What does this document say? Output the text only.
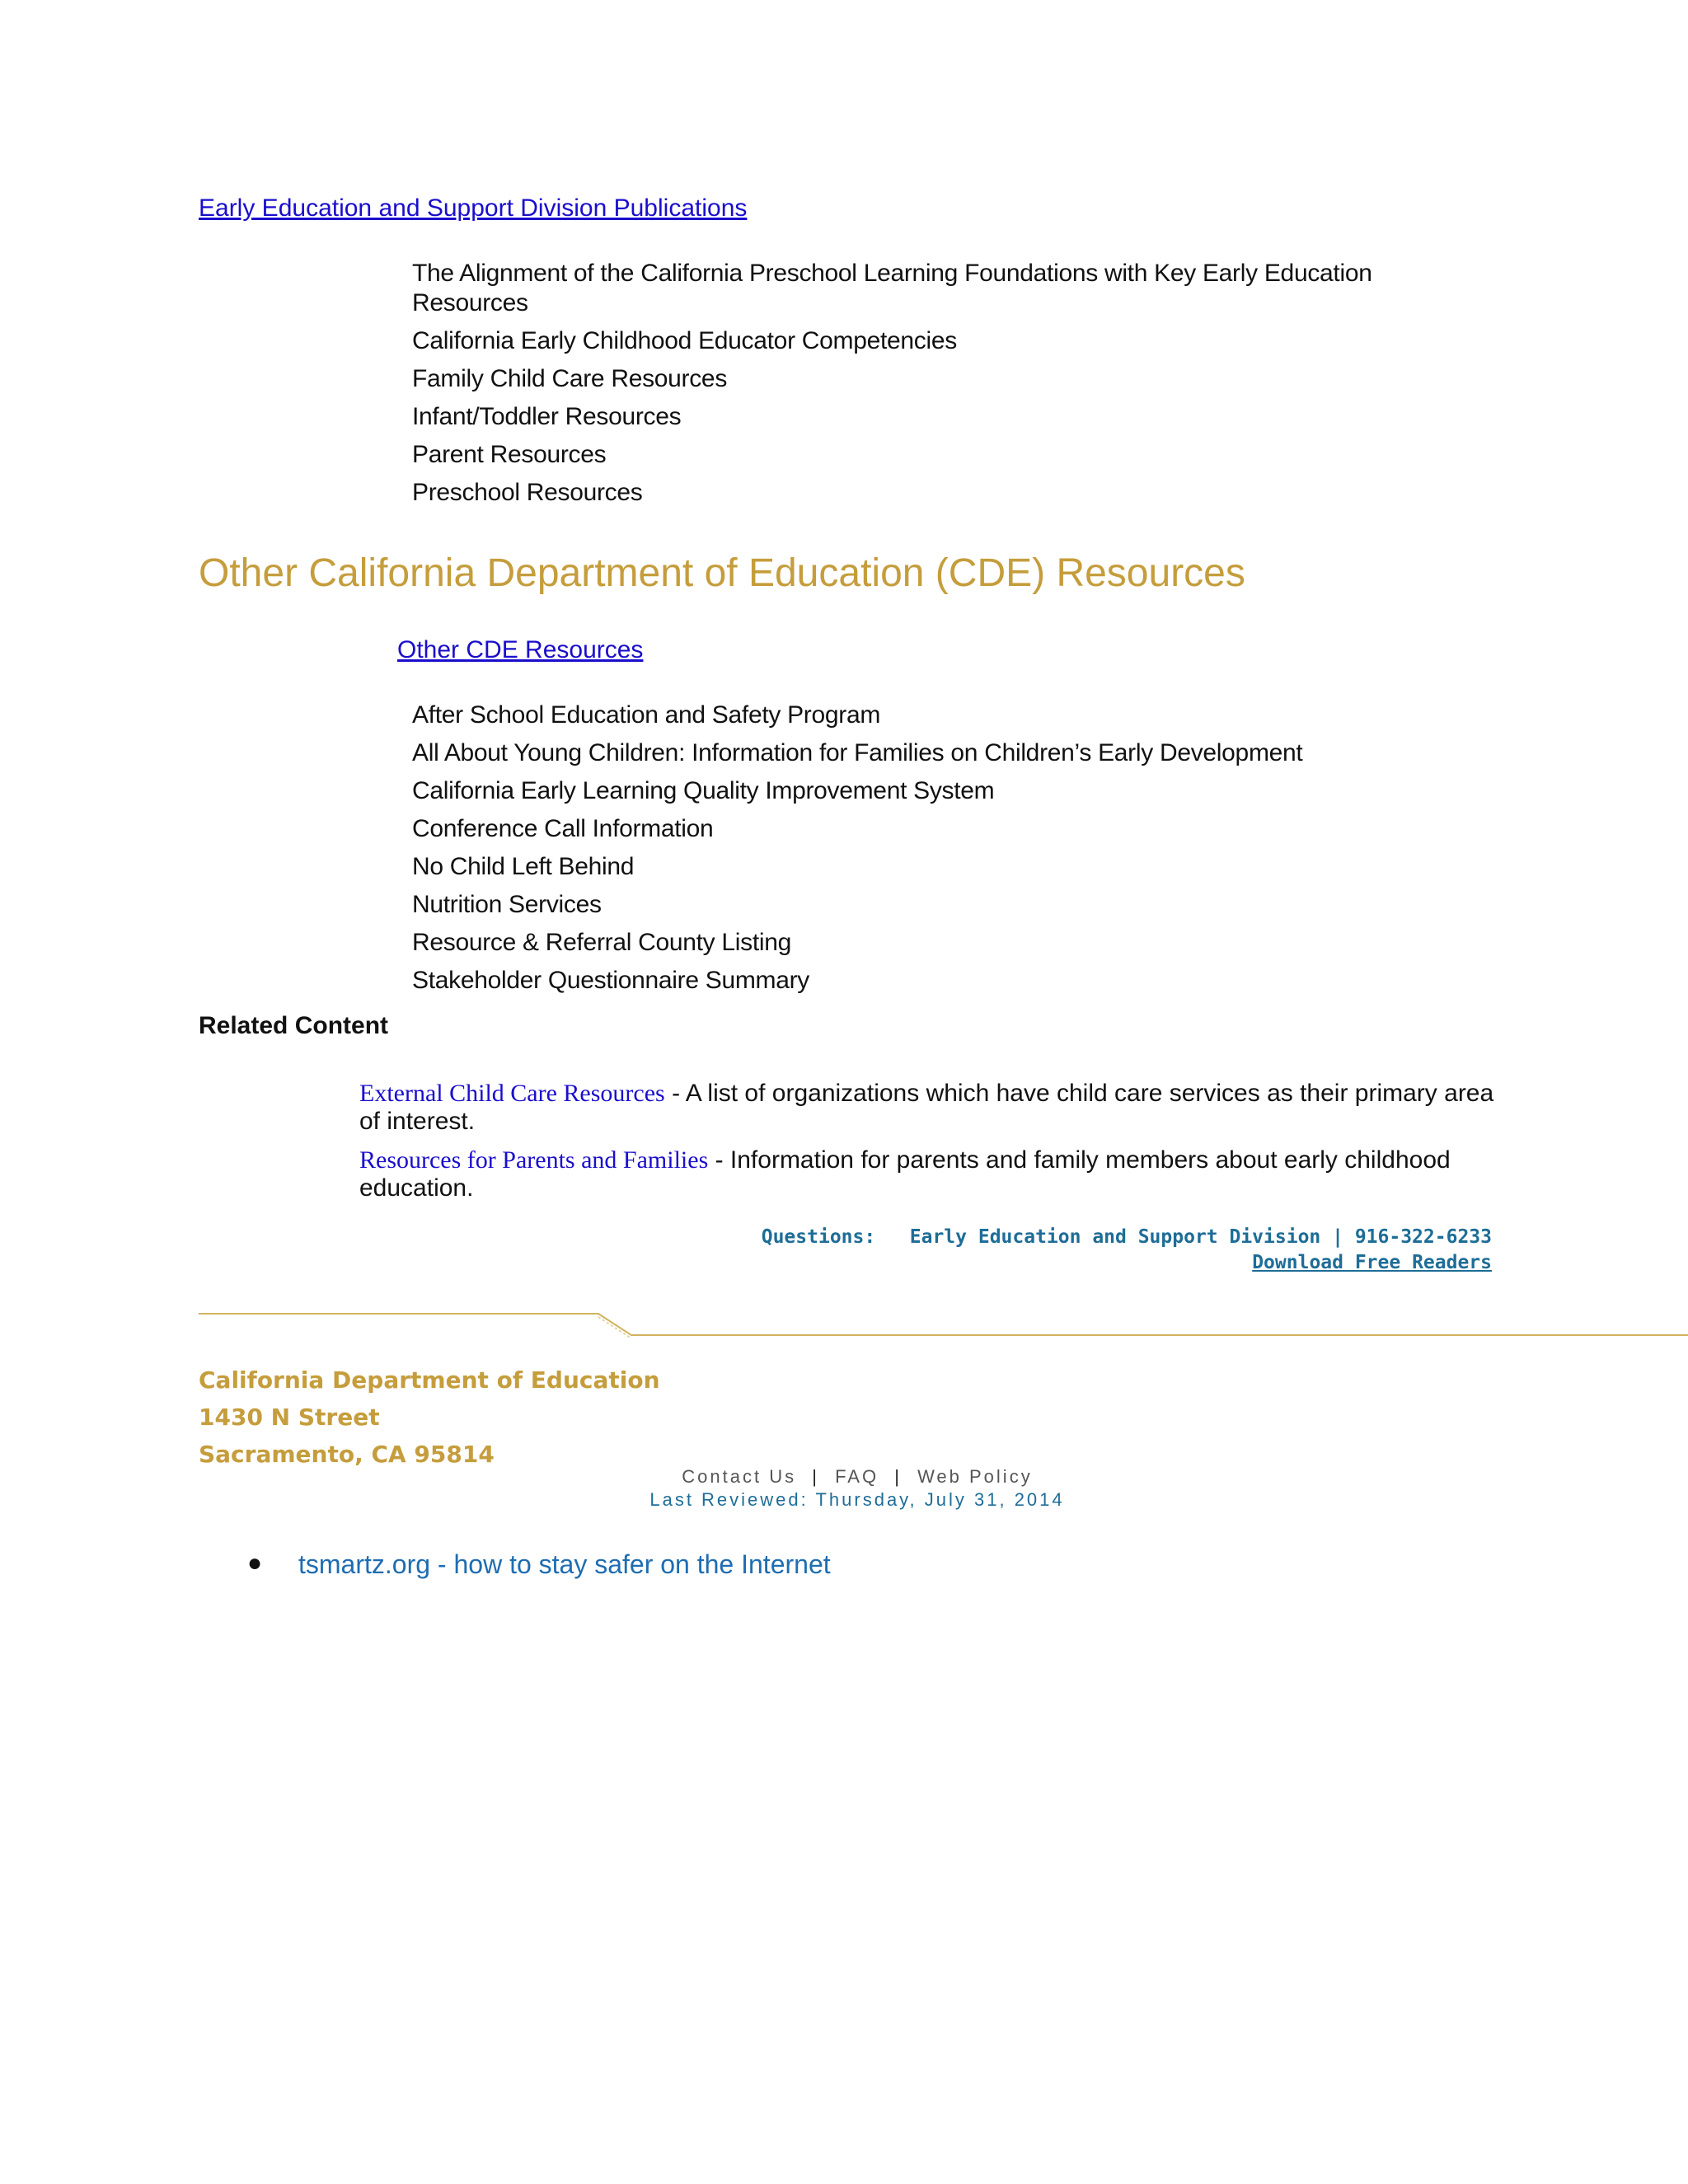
Early Education and Support Division Publications
The Alignment of the California Preschool Learning Foundations with Key Early Education Resources
California Early Childhood Educator Competencies
Family Child Care Resources
Infant/Toddler Resources
Parent Resources
Preschool Resources
Other California Department of Education (CDE) Resources
Other CDE Resources
After School Education and Safety Program
All About Young Children: Information for Families on Children’s Early Development
California Early Learning Quality Improvement System
Conference Call Information
No Child Left Behind
Nutrition Services
Resource & Referral County Listing
Stakeholder Questionnaire Summary
Related Content
External Child Care Resources - A list of organizations which have child care services as their primary area of interest.
Resources for Parents and Families - Information for parents and family members about early childhood education.
Questions: Early Education and Support Division | 916-322-6233
Download Free Readers
California Department of Education
1430 N Street
Sacramento, CA 95814
Contact Us | FAQ | Web Policy
Last Reviewed: Thursday, July 31, 2014
● tsmartz.org - how to stay safer on the Internet
